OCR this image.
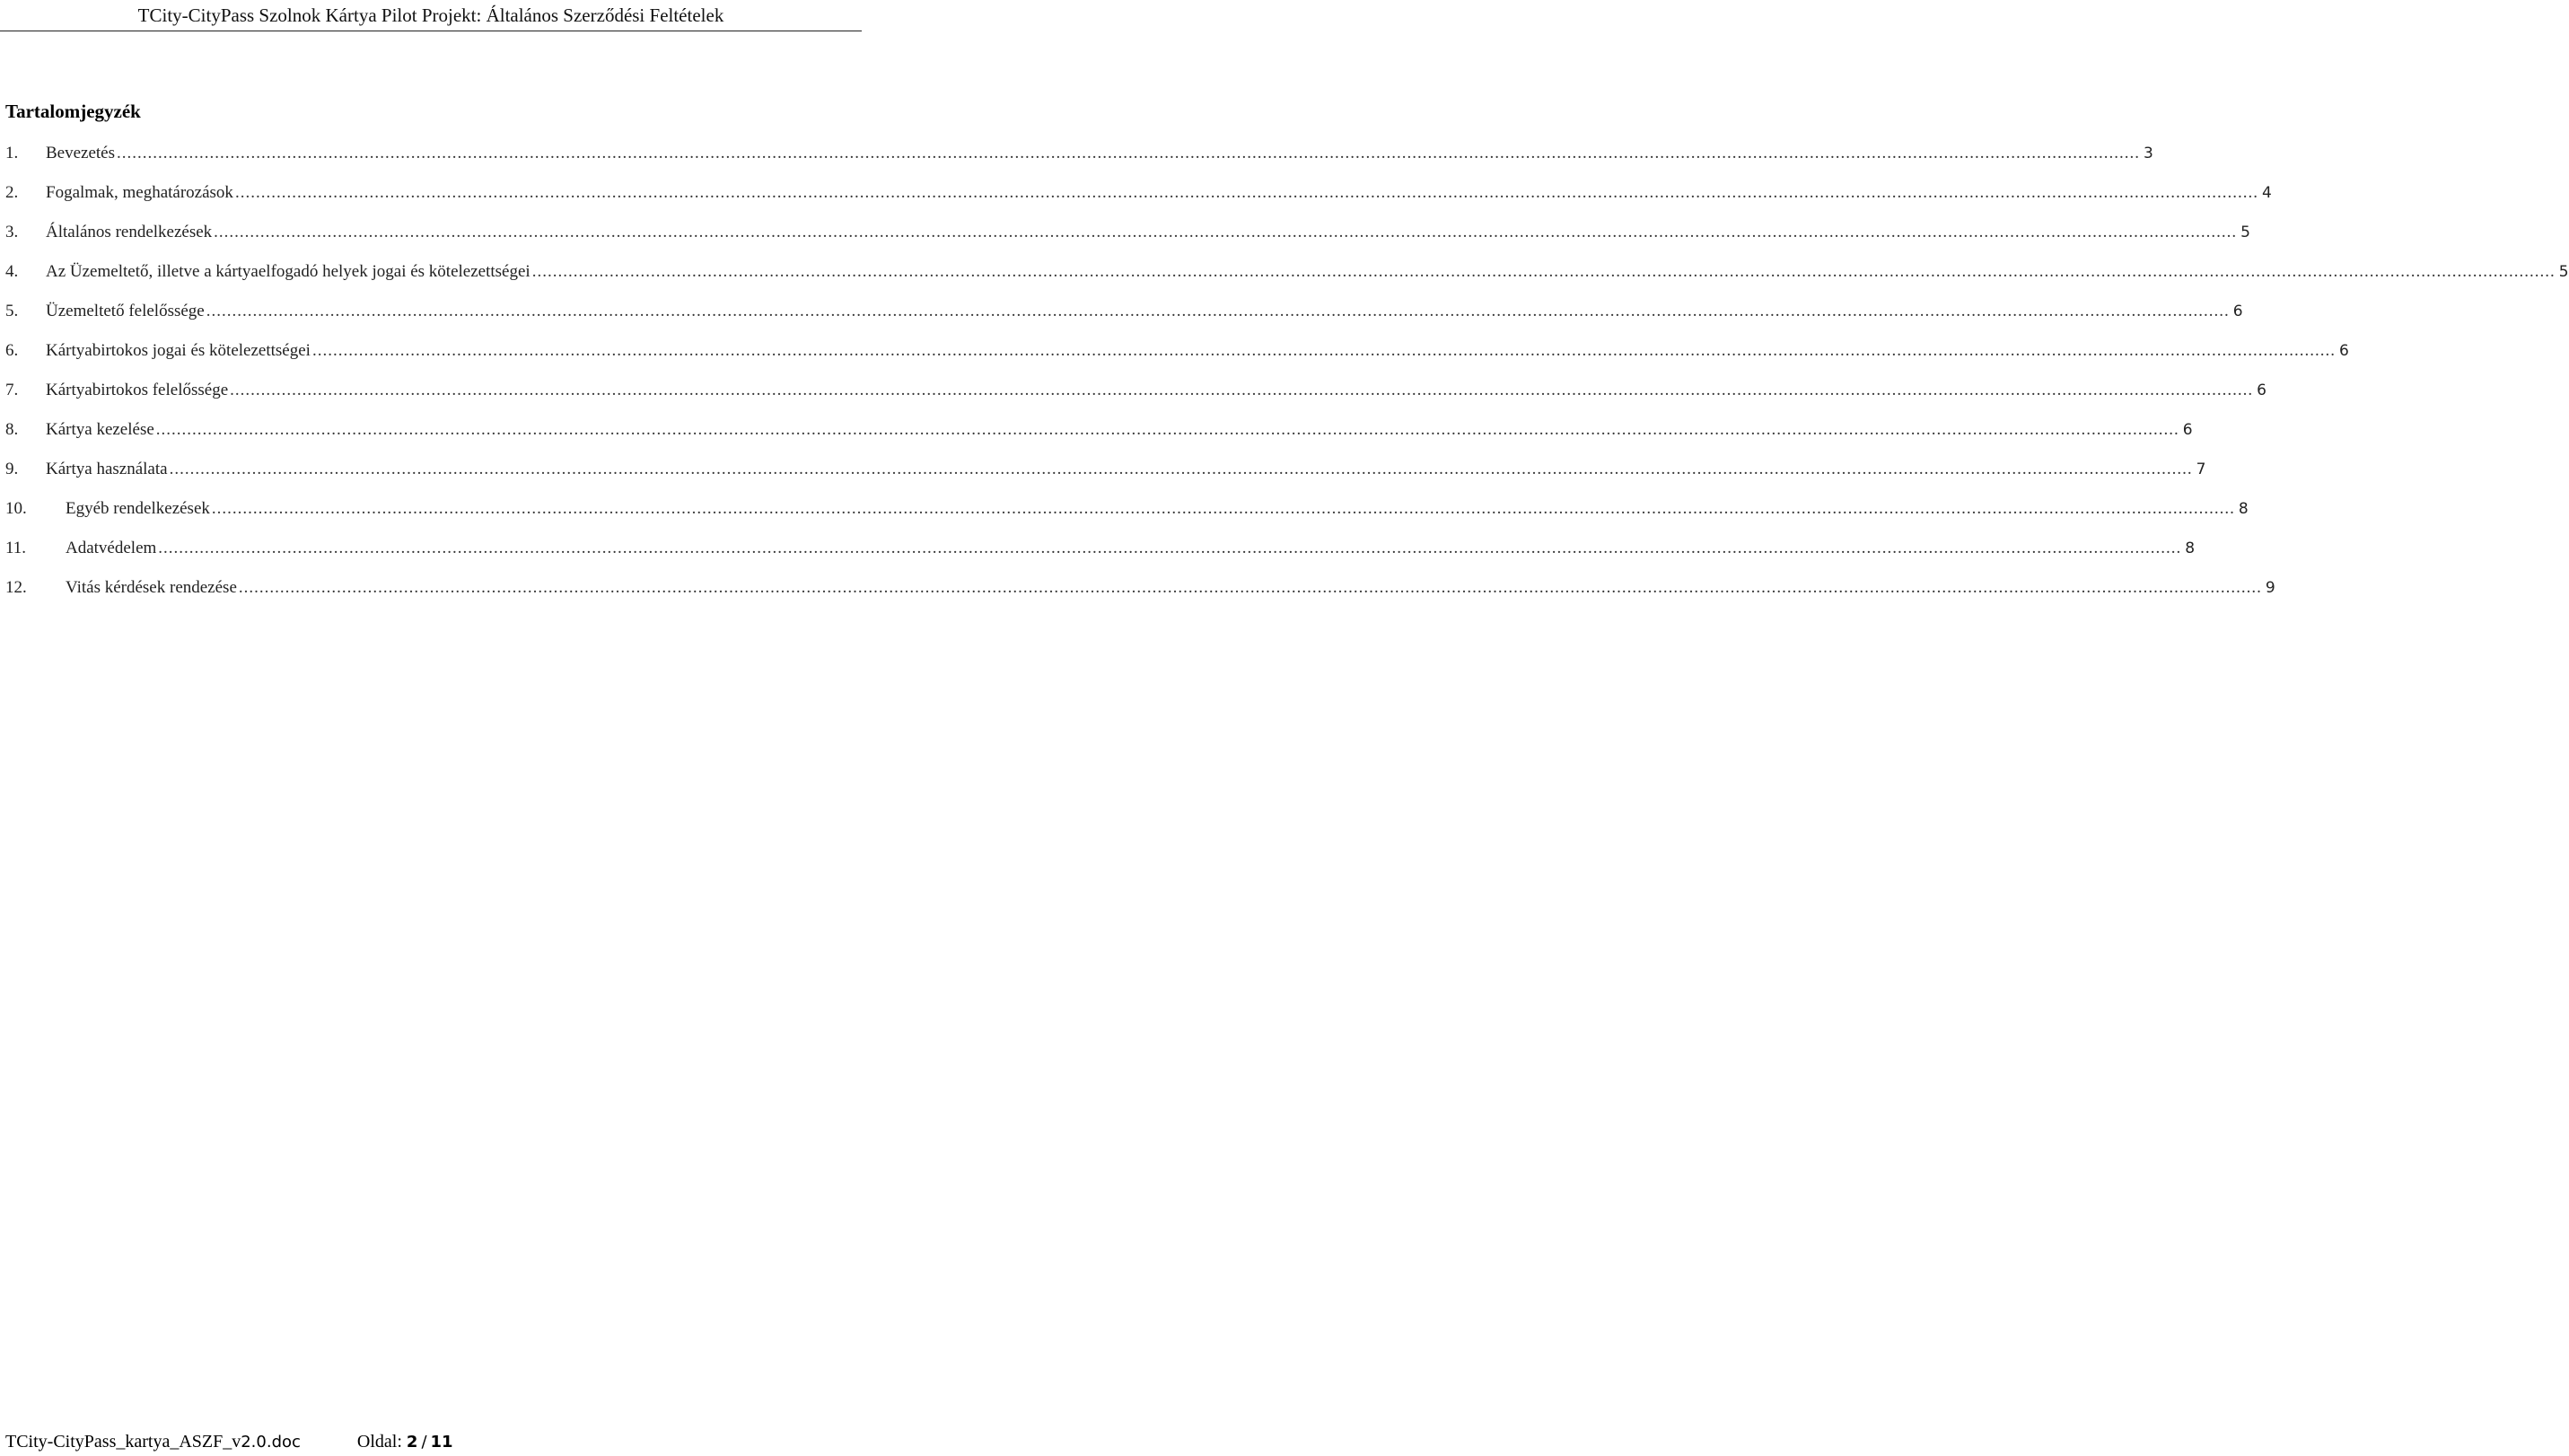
TCity-CityPass Szolnok Kártya Pilot Projekt: Általános Szerződési Feltételek
Tartalomjegyzék
1.	Bevezetés ........................................................................................................................................................................................................................................................................................................................................................................................................ 3
2.	Fogalmak, meghatározások ........................................................................................................................................................................................................................................................................................................................................................................................................ 4
3.	Általános rendelkezések ........................................................................................................................................................................................................................................................................................................................................................................................................ 5
4.	Az Üzemeltető, illetve a kártyaelfogadó helyek jogai és kötelezettségei ........................................................................................................................................................................................................................................................................................................................................................................................................ 5
5.	Üzemeltető felelőssége ........................................................................................................................................................................................................................................................................................................................................................................................................ 6
6.	Kártyabirtokos jogai és kötelezettségei ........................................................................................................................................................................................................................................................................................................................................................................................................ 6
7.	Kártyabirtokos felelőssége ........................................................................................................................................................................................................................................................................................................................................................................................................ 6
8.	Kártya kezelése ........................................................................................................................................................................................................................................................................................................................................................................................................ 6
9.	Kártya használata ........................................................................................................................................................................................................................................................................................................................................................................................................ 7
10.	Egyéb rendelkezések ........................................................................................................................................................................................................................................................................................................................................................................................................ 8
11.	Adatvédelem ........................................................................................................................................................................................................................................................................................................................................................................................................ 8
12.	Vitás kérdések rendezése ........................................................................................................................................................................................................................................................................................................................................................................................................ 9
TCity-CityPass_kartya_ASZF_v2.0.doc	Oldal: 2 / 11
